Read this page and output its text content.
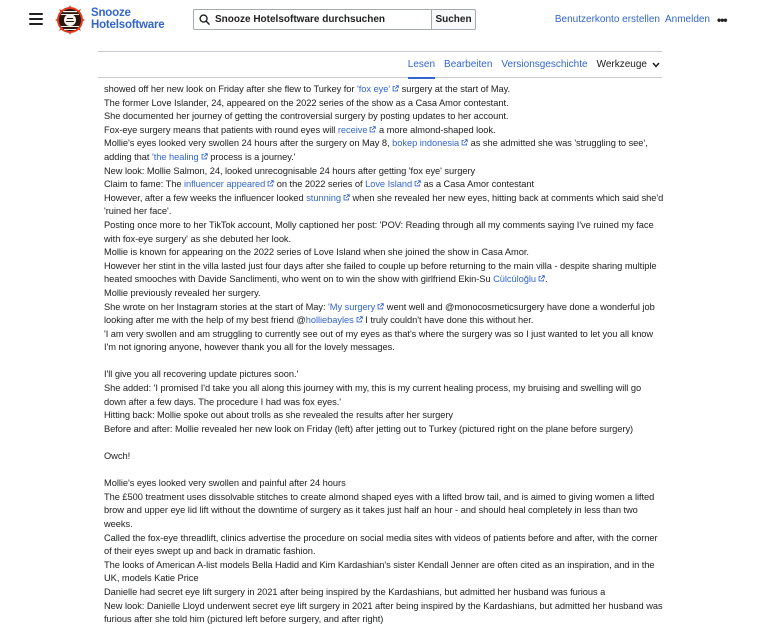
Snooze
Hotelsoftware
Snooze Hotelsoftware durchsuchen	Suchen	Benutzerkonto erstellen Anmelden •••
Lesen Bearbeiten Versionsgeschichte Werkzeuge

showed off her new look on Friday after she flew to Turkey for 'fox eye' surgery at the start of May.

The former Love Islander, 24, appeared on the 2022 series of the show as a Casa Amor contestant.

She documented her journey of getting the controversial surgery by posting updates to her account.

Fox-eye surgery means that patients with round eyes will receive a more almond-shaped look.

Mollie's eyes looked very swollen 24 hours after the surgery on May 8, bokep indonesia as she admitted she was 'struggling to see', adding that 'the healing process is a journey.'

New look: Mollie Salmon, 24, looked unrecognisable 24 hours after getting 'fox eye' surgery

Claim to fame: The influencer appeared on the 2022 series of Love Island as a Casa Amor contestant

However, after a few weeks the influencer looked stunning when she revealed her new eyes, hitting back at comments which said she'd 'ruined her face'.

Posting once more to her TikTok account, Molly captioned her post: 'POV: Reading through all my comments saying I've ruined my face with fox-eye surgery' as she debuted her look.

Mollie is known for appearing on the 2022 series of Love Island when she joined the show in Casa Amor.

However her stint in the villa lasted just four days after she failed to couple up before returning to the main villa - despite sharing multiple heated smooches with Davide Sanclimenti, who went on to win the show with girlfriend Ekin-Su Cülcüloğlu .

Mollie previously revealed her surgery.

She wrote on her Instagram stories at the start of May: 'My surgery went well and @monocosmeticsurgery have done a wonderful job looking after me with the help of my best friend @holliebayles I truly couldn't have done this without her.

'I am very swollen and am struggling to currently see out of my eyes as that's where the surgery was so I just wanted to let you all know I'm not ignoring anyone, however thank you all for the lovely messages.

I'll give you all recovering update pictures soon.'

She added: 'I promised I'd take you all along this journey with my, this is my current healing process, my bruising and swelling will go down after a few days. The procedure I had was fox eyes.'

Hitting back: Mollie spoke out about trolls as she revealed the results after her surgery

Before and after: Mollie revealed her new look on Friday (left) after jetting out to Turkey (pictured right on the plane before surgery)

Owch!

Mollie's eyes looked very swollen and painful after 24 hours

The £500 treatment uses dissolvable stitches to create almond shaped eyes with a lifted brow tail, and is aimed to giving women a lifted brow and upper eye lid lift without the downtime of surgery as it takes just half an hour - and should heal completely in less than two weeks.

Called the fox-eye threadlift, clinics advertise the procedure on social media sites with videos of patients before and after, with the corner of their eyes swept up and back in dramatic fashion.

The looks of American A-list models Bella Hadid and Kim Kardashian's sister Kendall Jenner are often cited as an inspiration, and in the UK, models Katie Price

Danielle had secret eye lift surgery in 2021 after being inspired by the Kardashians, but admitted her husband was furious a

New look: Danielle Lloyd underwent secret eye lift surgery in 2021 after being inspired by the Kardashians, but admitted her husband was furious after she told him (pictured left before surgery, and after right)
